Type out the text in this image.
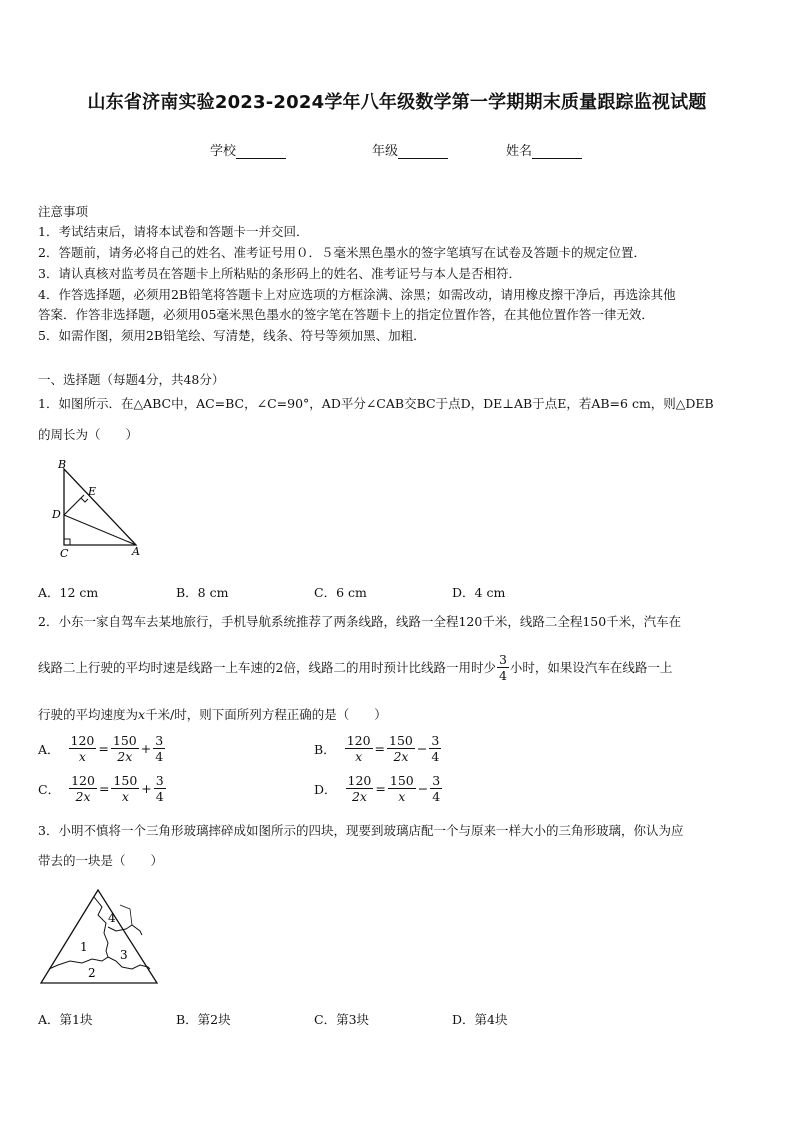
山东省济南实验2023-2024学年八年级数学第一学期期末质量跟踪监视试题
学校	年级	姓名
注意事项
1．考试结束后，请将本试卷和答题卡一并交回．
2．答题前，请务必将自己的姓名、准考证号用０．５毫米黑色墨水的签字笔填写在试卷及答题卡的规定位置．
3．请认真核对监考员在答题卡上所粘贴的条形码上的姓名、准考证号与本人是否相符．
4．作答选择题，必须用2B铅笔将答题卡上对应选项的方框涂满、涂黑；如需改动，请用橡皮擦干净后，再选涂其他
答案．作答非选择题，必须用05毫米黑色墨水的签字笔在答题卡上的指定位置作答，在其他位置作答一律无效．
5．如需作图，须用2B铅笔绘、写清楚，线条、符号等须加黑、加粗．
一、选择题（每题4分，共48分）
1．如图所示．在△ABC中，AC=BC，∠C=90°，AD平分∠CAB交BC于点D，DE⊥AB于点E，若AB=6 cm，则△DEB
的周长为（　　）
B
E
D
C	A
A．12 cm	B．8 cm	C．6 cm	D．4 cm
2．小东一家自驾车去某地旅行，手机导航系统推荐了两条线路，线路一全程120千米，线路二全程150千米，汽车在
线路二上行驶的平均时速是线路一上车速的2倍，线路二的用时预计比线路一用时少 $\frac{3}{4}$ 小时，如果设汽车在线路一上
行驶的平均速度为x千米/时，则下面所列方程正确的是（　　）
A． $\frac{120}{x} = \frac{150}{2x} + \frac{3}{4}$	B． $\frac{120}{x} = \frac{150}{2x} - \frac{3}{4}$
C． $\frac{120}{2x} = \frac{150}{x} + \frac{3}{4}$	D． $\frac{120}{2x} = \frac{150}{x} - \frac{3}{4}$
3．小明不慎将一个三角形玻璃摔碎成如图所示的四块，现要到玻璃店配一个与原来一样大小的三角形玻璃，你认为应
带去的一块是（　　）
1
2
3
4
A．第1块	B．第2块	C．第3块	D．第4块
